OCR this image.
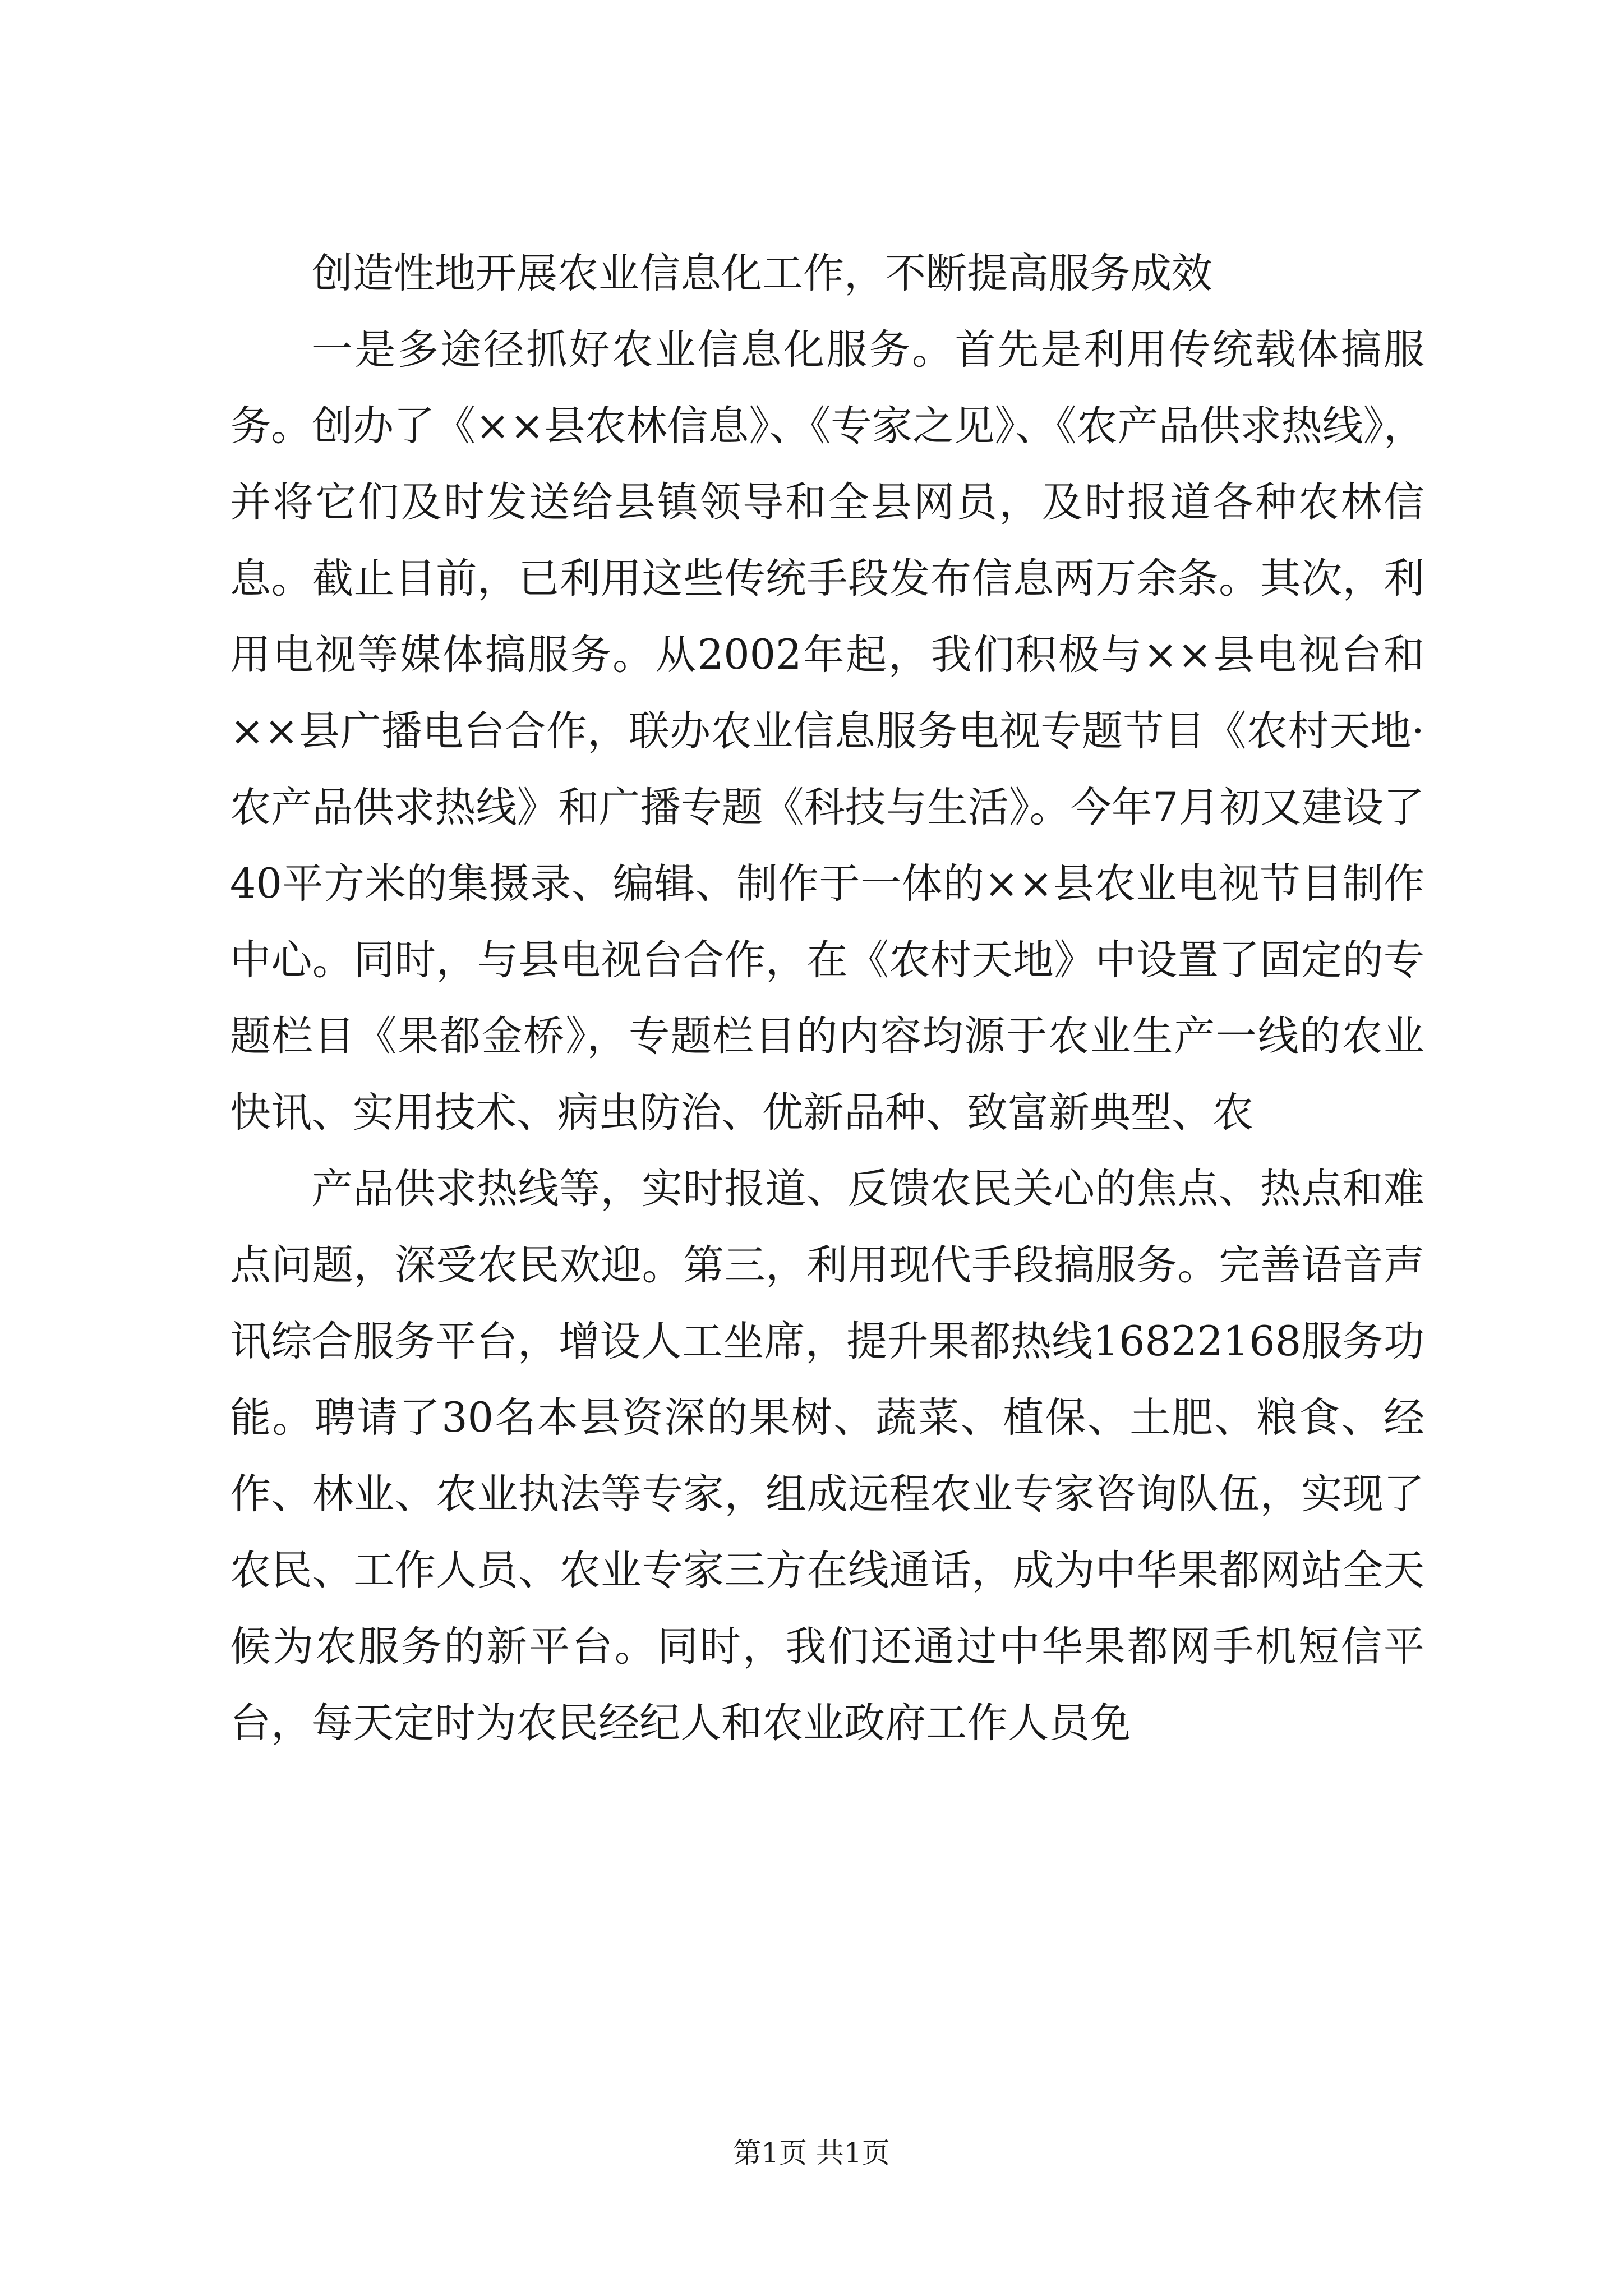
创造性地开展农业信息化工作，不断提高服务成效

一是多途径抓好农业信息化服务。首先是利用传统载体搞服务。创办了《××县农林信息》、《专家之见》、《农产品供求热线》，并将它们及时发送给县镇领导和全县网员，及时报道各种农林信息。截止目前，已利用这些传统手段发布信息两万余条。其次，利用电视等媒体搞服务。从2002年起，我们积极与××县电视台和××县广播电台合作，联办农业信息服务电视专题节目《农村天地·农产品供求热线》和广播专题《科技与生活》。今年7月初又建设了40平方米的集摄录、编辑、制作于一体的××县农业电视节目制作中心。同时，与县电视台合作，在《农村天地》中设置了固定的专题栏目《果都金桥》，专题栏目的内容均源于农业生产一线的农业快讯、实用技术、病虫防治、优新品种、致富新典型、农

产品供求热线等，实时报道、反馈农民关心的焦点、热点和难点问题，深受农民欢迎。第三，利用现代手段搞服务。完善语音声讯综合服务平台，增设人工坐席，提升果都热线16822168服务功能。聘请了30名本县资深的果树、蔬菜、植保、土肥、粮食、经作、林业、农业执法等专家，组成远程农业专家咨询队伍，实现了农民、工作人员、农业专家三方在线通话，成为中华果都网站全天候为农服务的新平台。同时，我们还通过中华果都网手机短信平台，每天定时为农民经纪人和农业政府工作人员免

第1页 共1页
